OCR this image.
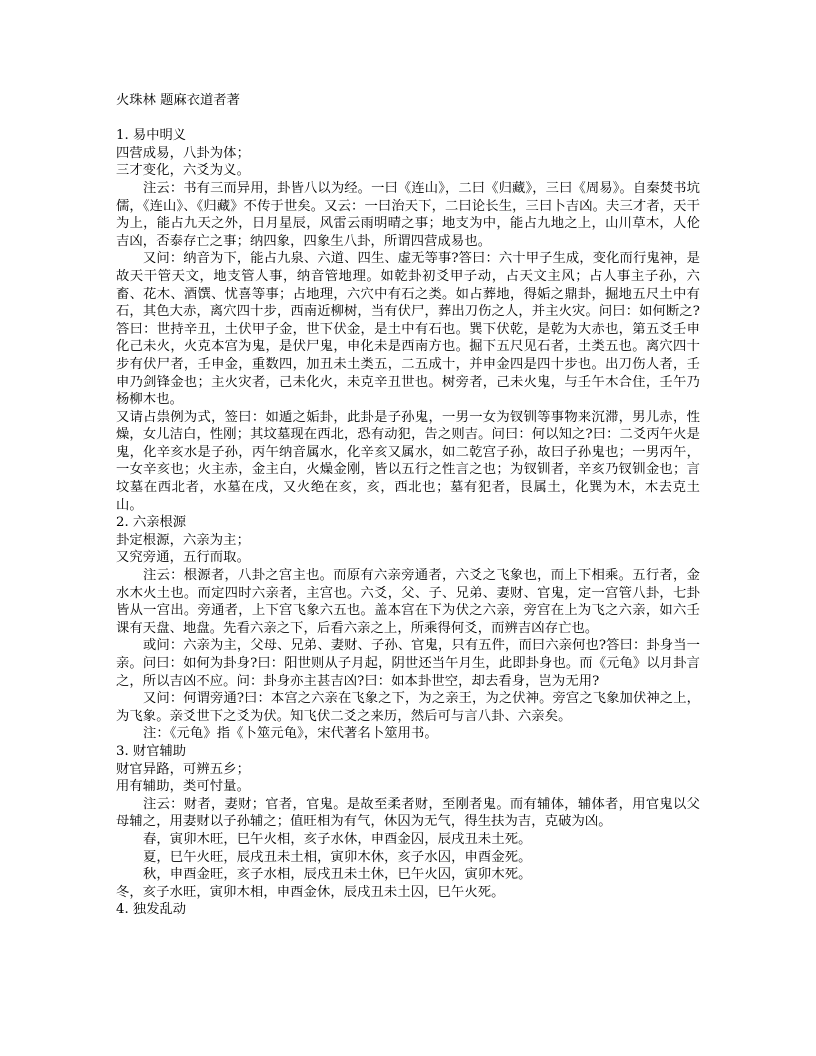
火珠林 题麻衣道者著
1. 易中明义
四营成易，八卦为体；
三才变化，六爻为义。
注云：书有三而异用，卦皆八以为经。一曰《连山》，二曰《归藏》，三曰《周易》。自秦焚书坑儒，《连山》、《归藏》不传于世矣。又云：一曰治天下，二曰论长生，三曰卜吉凶。夫三才者，天干为上，能占九天之外，日月星辰，风雷云雨明晴之事；地支为中，能占九地之上，山川草木，人伦吉凶，否泰存亡之事；纳四象，四象生八卦，所谓四营成易也。
又问：纳音为下，能占九泉、六道、四生、虚无等事?答曰：六十甲子生成，变化而行鬼神，是故天干管天文，地支管人事，纳音管地理。如乾卦初爻甲子动，占天文主风；占人事主子孙，六畜、花木、酒馔、忧喜等事；占地理，六穴中有石之类。如占葬地，得姤之鼎卦，掘地五尺土中有石，其色大赤，离穴四十步，西南近柳树，当有伏尸，葬出刀伤之人，并主火灾。问曰：如何断之?答曰：世持辛丑，土伏甲子金，世下伏金，是土中有石也。巽下伏乾，是乾为大赤也，第五爻壬申化己未火，火克本宫为鬼，是伏尸鬼，申化未是西南方也。掘下五尺见石者，土类五也。离穴四十步有伏尸者，壬申金，重数四，加丑未土类五，二五成十，并申金四是四十步也。出刀伤人者，壬申乃剑锋金也；主火灾者，己未化火，未克辛丑世也。树旁者，己未火鬼，与壬午木合住，壬午乃杨柳木也。
又请占祟例为式，签曰：如遁之姤卦，此卦是子孙鬼，一男一女为钗钏等事物来沉滞，男儿赤，性燥，女儿洁白，性刚；其坟墓现在西北，恐有动犯，告之则吉。问曰：何以知之?曰：二爻丙午火是鬼，化辛亥水是子孙，丙午纳音属水，化辛亥又属水，如二乾宫子孙，故曰子孙鬼也；一男丙午，一女辛亥也；火主赤，金主白，火燥金刚，皆以五行之性言之也；为钗钏者，辛亥乃钗钏金也；言坟墓在西北者，水墓在戌，又火绝在亥，亥，西北也；墓有犯者，艮属土，化巽为木，木去克土山。
2. 六亲根源
卦定根源，六亲为主；
又究旁通，五行而取。
注云：根源者，八卦之宫主也。而原有六亲旁通者，六爻之飞象也，而上下相乘。五行者，金水木火土也。而定四时六亲者，主宫也。六爻，父、子、兄弟、妻财、官鬼，定一宫管八卦，七卦皆从一宫出。旁通者，上下宫飞象六五也。盖本宫在下为伏之六亲，旁宫在上为飞之六亲，如六壬课有天盘、地盘。先看六亲之下，后看六亲之上，所乘得何爻，而辨吉凶存亡也。
或问：六亲为主，父母、兄弟、妻财、子孙、官鬼，只有五件，而曰六亲何也?答曰：卦身当一亲。问曰：如何为卦身?曰：阳世则从子月起，阴世还当午月生，此即卦身也。而《元龟》以月卦言之，所以吉凶不应。问：卦身亦主甚吉凶?曰：如本卦世空，却去看身，岂为无用?
又问：何谓旁通?曰：本宫之六亲在飞象之下，为之亲王，为之伏神。旁宫之飞象加伏神之上，为飞象。亲爻世下之爻为伏。知飞伏二爻之来历，然后可与言八卦、六亲矣。
注：《元龟》指《卜筮元龟》，宋代著名卜筮用书。
3. 财官辅助
财官异路，可辨五乡；
用有辅助，类可忖量。
注云：财者，妻财；官者，官鬼。是故至柔者财，至刚者鬼。而有辅体，辅体者，用官鬼以父母辅之，用妻财以子孙辅之；值旺相为有气，休囚为无气，得生扶为吉，克破为凶。
春，寅卯木旺，巳午火相，亥子水休，申酉金囚，辰戌丑未土死。
夏，巳午火旺，辰戌丑未土相，寅卯木休，亥子水囚，申酉金死。
秋，申酉金旺，亥子水相，辰戌丑未土休，巳午火囚，寅卯木死。
冬，亥子水旺，寅卯木相，申酉金休，辰戌丑未土囚，巳午火死。
4. 独发乱动
